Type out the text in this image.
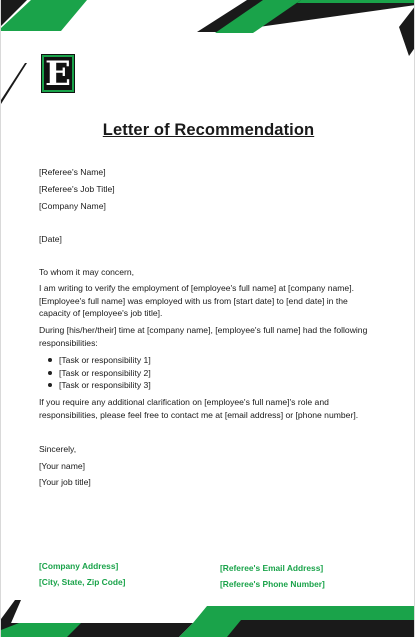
E
Letter of Recommendation
[Referee's Name]
[Referee's Job Title]
[Company Name]
[Date]
To whom it may concern,
I am writing to verify the employment of [employee's full name] at [company name]. [Employee's full name] was employed with us from [start date] to [end date] in the capacity of [employee's job title].
During [his/her/their] time at [company name], [employee's full name] had the following responsibilities:
[Task or responsibility 1]
[Task or responsibility 2]
[Task or responsibility 3]
If you require any additional clarification on [employee's full name]'s role and responsibilities, please feel free to contact me at [email address] or [phone number].
Sincerely,
[Your name]
[Your job title]
[Company Address]
[City, State, Zip Code]
[Referee's Email Address]
[Referee's Phone Number]
